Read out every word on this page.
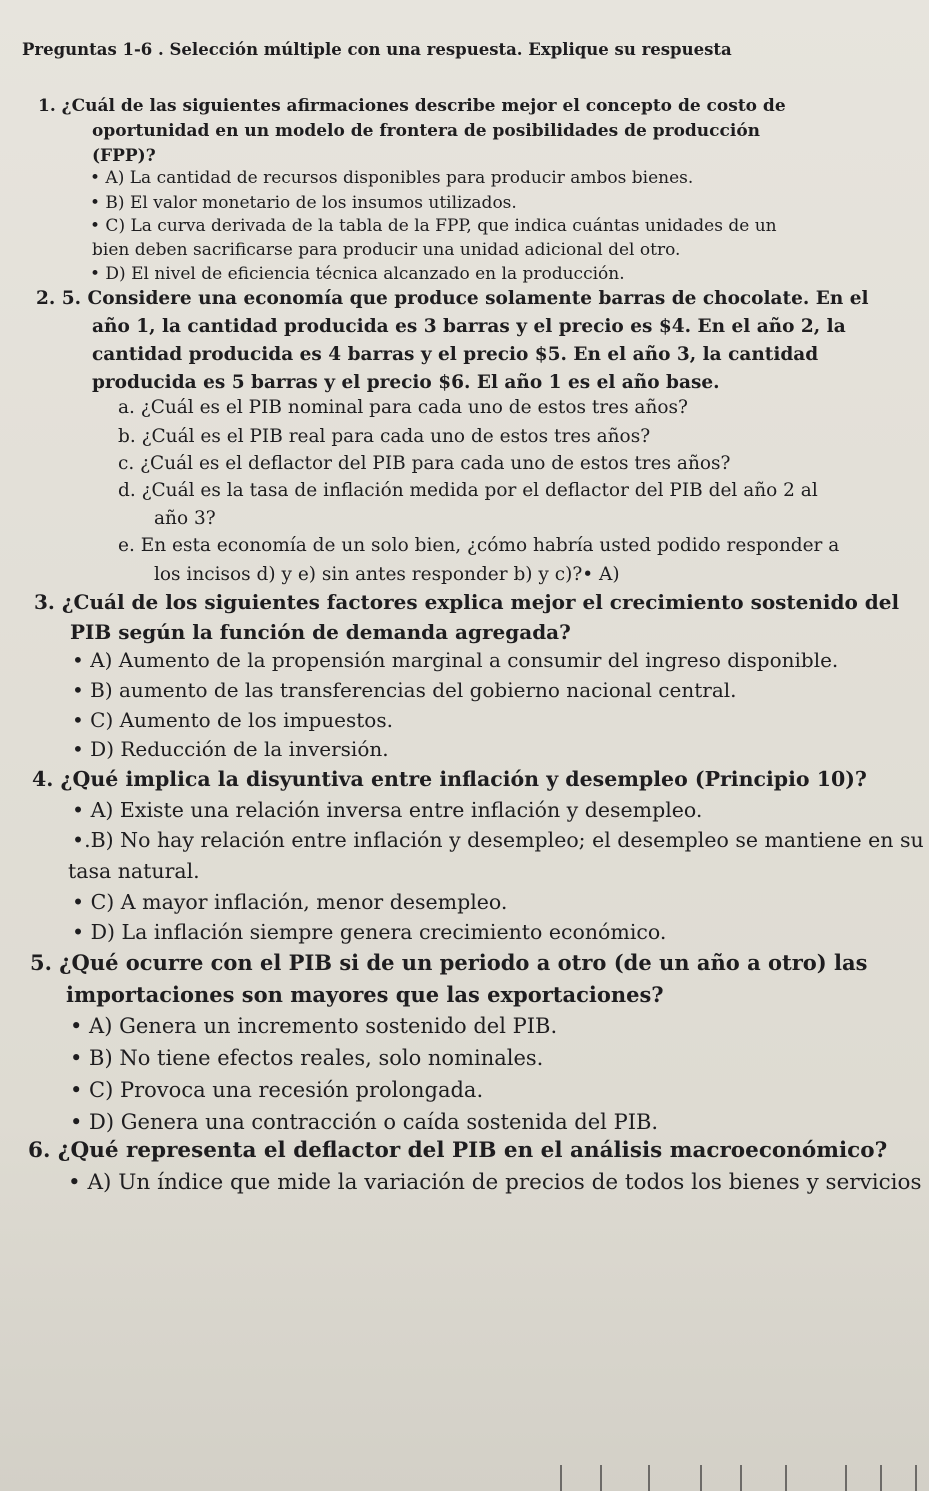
Preguntas 1-6 . Selección múltiple con una respuesta. Explique su respuesta
1. ¿Cuál de las siguientes afirmaciones describe mejor el concepto de costo de
oportunidad en un modelo de frontera de posibilidades de producción
(FPP)?
• A) La cantidad de recursos disponibles para producir ambos bienes.
• B) El valor monetario de los insumos utilizados.
• C) La curva derivada de la tabla de la FPP, que indica cuántas unidades de un
bien deben sacrificarse para producir una unidad adicional del otro.
• D) El nivel de eficiencia técnica alcanzado en la producción.
2. 5. Considere una economía que produce solamente barras de chocolate. En el
año 1, la cantidad producida es 3 barras y el precio es $4. En el año 2, la
cantidad producida es 4 barras y el precio $5. En el año 3, la cantidad
producida es 5 barras y el precio $6. El año 1 es el año base.
a. ¿Cuál es el PIB nominal para cada uno de estos tres años?
b. ¿Cuál es el PIB real para cada uno de estos tres años?
c. ¿Cuál es el deflactor del PIB para cada uno de estos tres años?
d. ¿Cuál es la tasa de inflación medida por el deflactor del PIB del año 2 al
año 3?
e. En esta economía de un solo bien, ¿cómo habría usted podido responder a
los incisos d) y e) sin antes responder b) y c)?• A)
3. ¿Cuál de los siguientes factores explica mejor el crecimiento sostenido del
PIB según la función de demanda agregada?
• A) Aumento de la propensión marginal a consumir del ingreso disponible.
• B) aumento de las transferencias del gobierno nacional central.
• C) Aumento de los impuestos.
• D) Reducción de la inversión.
4. ¿Qué implica la disyuntiva entre inflación y desempleo (Principio 10)?
• A) Existe una relación inversa entre inflación y desempleo.
•.B) No hay relación entre inflación y desempleo; el desempleo se mantiene en su
tasa natural.
• C) A mayor inflación, menor desempleo.
• D) La inflación siempre genera crecimiento económico.
5. ¿Qué ocurre con el PIB si de un periodo a otro (de un año a otro) las
importaciones son mayores que las exportaciones?
• A) Genera un incremento sostenido del PIB.
• B) No tiene efectos reales, solo nominales.
• C) Provoca una recesión prolongada.
• D) Genera una contracción o caída sostenida del PIB.
6. ¿Qué representa el deflactor del PIB en el análisis macroeconómico?
• A) Un índice que mide la variación de precios de todos los bienes y servicios
